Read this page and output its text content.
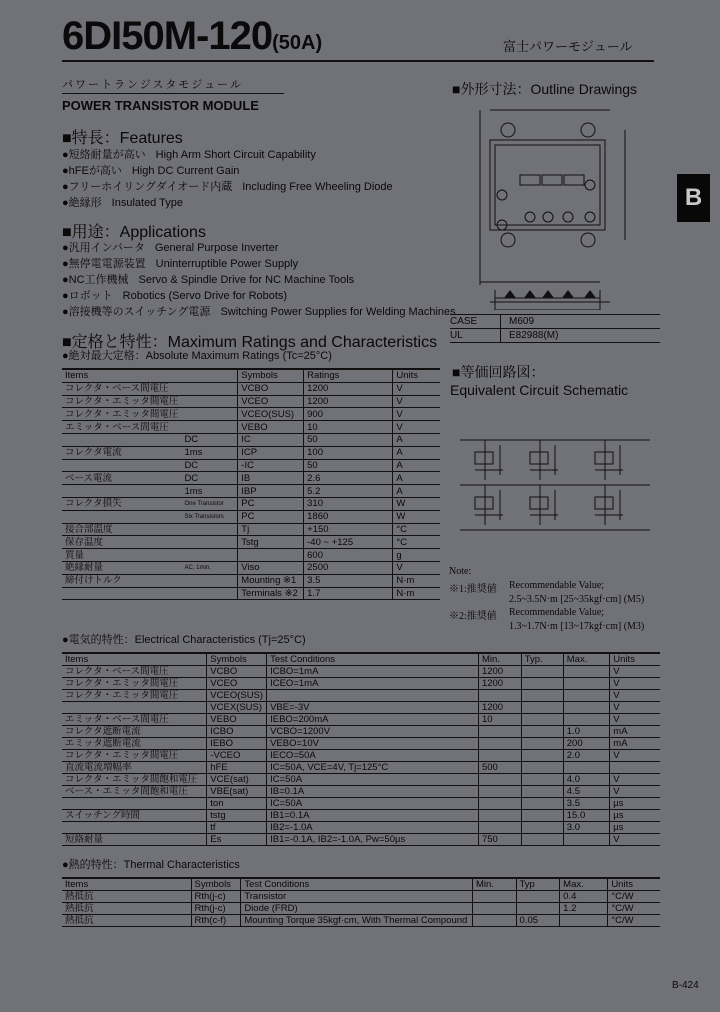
6DI50M-120(50A)	富士パワーモジュール
パワートランジスタモジュール
POWER TRANSISTOR MODULE
■特長：Features
●短絡耐量が高い High Arm Short Circuit Capability
●hFEが高い High DC Current Gain
●フリーホイリングダイオード内蔵 Including Free Wheeling Diode
●絶縁形 Insulated Type
■用途：Applications
●汎用インバータ General Purpose Inverter
●無停電電源装置 Uninterruptible Power Supply
●NC工作機械 Servo & Spindle Drive for NC Machine Tools
●ロボット Robotics (Servo Drive for Robots)
●溶接機等のスイッチング電源 Switching Power Supplies for Welding Machines
■定格と特性：Maximum Ratings and Characteristics
●絶対最大定格：Absolute Maximum Ratings (Tc=25°C)
Items		Symbols	Ratings	Units
コレクタ・ベース間電圧		VCBO	1200	V
コレクタ・エミッタ間電圧		VCEO	1200	V
コレクタ・エミッタ間電圧		VCEO(SUS)	900	V
エミッタ・ベース間電圧		VEBO	10	V
	DC	IC	50	A
コレクタ電流	1ms	ICP	100	A
	DC	-IC	50	A
ベース電流	DC	IB	2.6	A
	1ms	IBP	5.2	A
コレクタ損失	One Transistor	PC	310	W
	Six Transistors	PC	1860	W
接合部温度		Tj	+150	°C
保存温度		Tstg	-40 ~ +125	°C
質量			600	g
絶縁耐量	AC, 1min.	Viso	2500	V
締付けトルク		Mounting ※1	3.5	N·m
		Terminals ※2	1.7	N·m
●電気的特性：Electrical Characteristics (Tj=25°C)
Items	Symbols	Test Conditions	Min.	Typ.	Max.	Units
コレクタ・ベース間電圧	VCBO	ICBO=1mA	1200			V
コレクタ・エミッタ間電圧	VCEO	ICEO=1mA	1200			V
コレクタ・エミッタ間電圧	VCEO(SUS)					V
	VCEX(SUS)	VBE=-3V	1200			V
エミッタ・ベース間電圧	VEBO	IEBO=200mA	10			V
コレクタ遮断電流	ICBO	VCBO=1200V			1.0	mA
エミッタ遮断電流	IEBO	VEBO=10V			200	mA
コレクタ・エミッタ間電圧	-VCEO	IECO=50A			2.0	V
直流電流増幅率	hFE	IC=50A, VCE=4V, Tj=125°C	500			
コレクタ・エミッタ間飽和電圧	VCE(sat)	IC=50A			4.0	V
ベース・エミッタ間飽和電圧	VBE(sat)	IB=0.1A			4.5	V
	ton	IC=50A			3.5	µs
スイッチング時間	tstg	IB1=0.1A			15.0	µs
	tf	IB2=-1.0A			3.0	µs
短絡耐量	Es	IB1=-0.1A, IB2=-1.0A, Pw=50µs	750			V
●熱的特性：Thermal Characteristics
Items	Symbols	Test Conditions	Min.	Typ	Max.	Units
熱抵抗	Rth(j-c)	Transistor			0.4	°C/W
熱抵抗	Rth(j-c)	Diode (FRD)			1.2	°C/W
熱抵抗	Rth(c-f)	Mounting Torque 35kgf·cm, With Thermal Compound		0.05		°C/W
■外形寸法：Outline Drawings
CASE	M609
UL	E82988(M)
B
■等価回路図：
Equivalent Circuit Schematic
Note:
※1:推奨値 Recommendable Value;
2.5~3.5N·m [25~35kgf·cm] (M5)
※2:推奨値 Recommendable Value;
1.3~1.7N·m [13~17kgf·cm] (M3)
B-424
